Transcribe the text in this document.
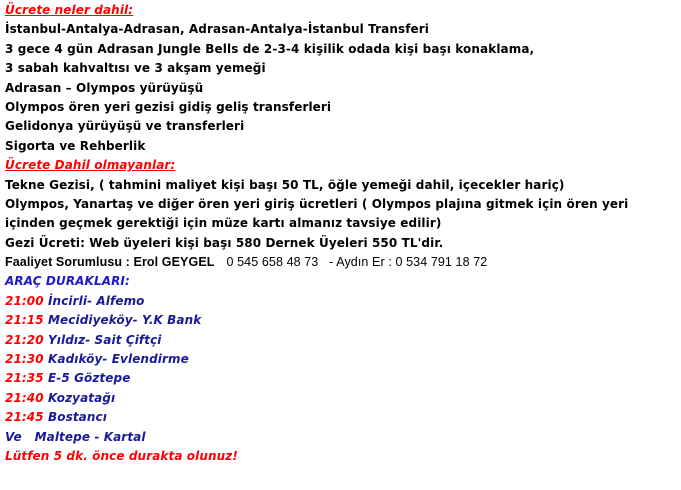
Ücrete neler dahil:
İstanbul-Antalya-Adrasan, Adrasan-Antalya-İstanbul Transferi
3 gece 4 gün Adrasan Jungle Bells de 2-3-4 kişilik odada kişi başı konaklama,
3 sabah kahvaltısı ve 3 akşam yemeği
Adrasan – Olympos yürüyüşü
Olympos ören yeri gezisi gidiş geliş transferleri
Gelidonya yürüyüşü ve transferleri
Sigorta ve Rehberlik
Ücrete Dahil olmayanlar:
Tekne Gezisi, ( tahmini maliyet kişi başı 50 TL, öğle yemeği dahil, içecekler hariç)
Olympos, Yanartaş ve diğer ören yeri giriş ücretleri ( Olympos plajına gitmek için ören yeri
içinden geçmek gerektiği için müze kartı almanız tavsiye edilir)
Gezi Ücreti: Web üyeleri kişi başı 580 Dernek Üyeleri 550 TL'dir.
Faaliyet Sorumlusu : Erol GEYGEL 0 545 658 48 73 - Aydın Er : 0 534 791 18 72
ARAÇ DURAKLARI:
21:00 İncirli- Alfemo
21:15 Mecidiyeköy- Y.K Bank
21:20 Yıldız- Sait Çiftçi
21:30 Kadıköy- Evlendirme
21:35 E-5 Göztepe
21:40 Kozyatağı
21:45 Bostancı
Ve Maltepe - Kartal
Lütfen 5 dk. önce durakta olunuz!
